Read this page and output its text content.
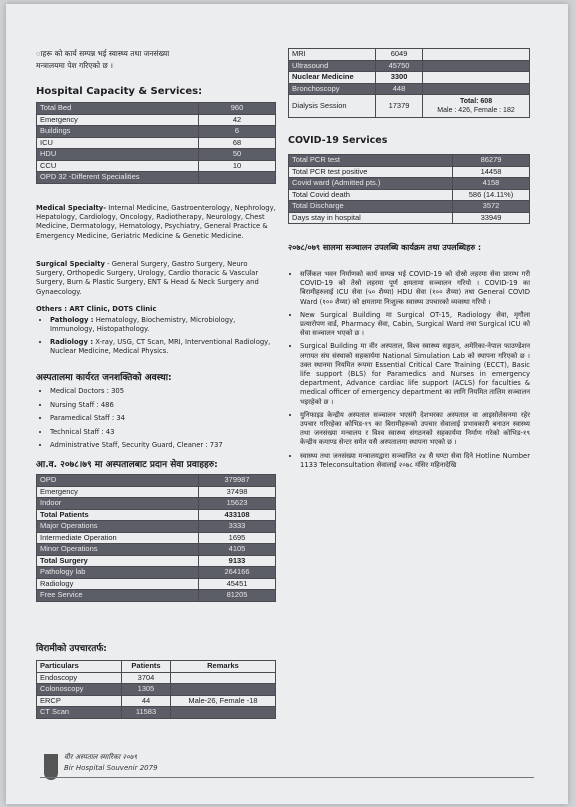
ाहरू को कार्य सम्पन्न भई स्वास्थ्य तथा जनसंख्या
मन्त्रालयमा पेश गरिएको छ ।
Hospital Capacity & Services:
Total Bed	960
Emergency	42
Buildings	6
ICU	68
HDU	50
CCU	10
OPD 32 -Different Specialities	
Medical Specialty- Internal Medicine, Gastroenterology, Nephrology, Hepatology, Cardiology, Oncology, Radiotherapy, Neurology, Chest Medicine, Dermatology, Hematology, Psychiatry, General Practice & Emergency Medicine, Geriatric Medicine & Genetic Medicine.
Surgical Specialty - General Surgery, Gastro Surgery, Neuro Surgery, Orthopedic Surgery, Urology, Cardio thoracic & Vascular Surgery, Burn & Plastic Surgery, ENT & Head & Neck Surgery and Gynaecology.
Others : ART Clinic, DOTS Clinic
• Pathology : Hematology, Biochemistry, Microbiology, Immunology, Histopathology.
• Radiology : X-ray, USG, CT Scan, MRI, Interventional Radiology, Nuclear Medicine, Medical Physics.
अस्पतालमा कार्यरत जनशक्तिको अवस्था:
• Medical Doctors : 305
• Nursing Staff : 486
• Paramedical Staff : 34
• Technical Staff : 43
• Administrative Staff, Security Guard, Cleaner : 737
आ.व. २०७८।७९ मा अस्पतालबाट प्रदान सेवा प्रवाहहरु:
OPD	379987
Emergency	37498
Indoor	15623
Total Patients	433108
Major Operations	3333
Intermediate Operation	1695
Minor Operations	4105
Total Surgery	9133
Pathology lab	264166
Radiology	45451
Free Service	81205
विरामीको उपचारतर्फ:
Particulars	Patients	Remarks
Endoscopy	3704	
Colonoscopy	1305	
ERCP	44	Male-26, Female -18
CT Scan	11583	
MRI	6049	
Ultrasound	45750	
Nuclear Medicine	3300	
Bronchoscopy	448	
Dialysis Session	17379	Total: 608
Male : 426, Female : 182
COVID-19 Services
Total PCR test	86279
Total PCR test positive	14458
Covid ward (Admitted pts.)	4158
Total Covid death	586 (14.11%)
Total Discharge	3572
Days stay in hospital	33949
२०७८/०७९ सालमा सञ्चालन उपलब्धि कार्यक्रम तथा उपलब्धिहरु :
• सर्जिकल भवन निर्माणको कार्य सम्पन्न भई COVID-19 को दोस्रो लहरमा सेवा प्रारम्भ गरी COVID-19 को तेस्रो लहरमा पूर्ण क्षमतामा सञ्चालन गरियो । COVID-19 का बिरामीहरुलाई ICU सेवा (५० शैय्या) HDU सेवा (१०० शैय्या) तथा General COVID Ward (१०० शैय्या) को क्षमतामा निःशुल्क स्वास्थ्य उपचारको व्यवस्था गरियो ।
• New Surgical Building मा Surgical OT-15, Radiology सेवा, मृगौला प्रत्यारोपण वार्ड, Pharmacy सेवा, Cabin, Surgical Ward तथा Surgical ICU को सेवा सञ्चालन भएको छ ।
• Surgical Building मा वीर अस्पताल, विश्व स्वास्थ्य सङ्गठन, अमेरिका-नेपाल फाउण्डेशन लगायत संघ संस्थाको सहकार्यमा National Simulation Lab को स्थापना गरिएको छ । उक्त स्थानमा नियमित रूपमा Essential Critical Care Training (ECCT), Basic life support (BLS) for Paramedics and Nurses in emergency department, Advance cardiac life support (ACLS) for faculties & medical officer of emergency department का लागि नियमित तालिम सञ्चालन भइरहेको छ ।
• युनिफाइड केन्द्रीय अस्पताल सञ्चालन भएसंगै देशभरका अस्पताल वा आइसोलेसनमा रहेर उपचार गरिरहेका कोभिड-१९ का बिरामीहरूको उपचार सेवालाई प्रभावकारी बनाउन स्वास्थ्य तथा जनसंख्या मन्त्रालय र विश्व स्वास्थ्य संगठनको सहकार्यमा निर्माण गरेको कोभिड-१९ केन्द्रीय कमाण्ड सेन्टर समेत यसै अस्पतालमा स्थापना भएको छ ।
• स्वास्थ्य तथा जनसंख्या मन्त्रालयद्वारा सञ्चालित २४ सै घण्टा सेवा दिने Hotline Number 1133 Teleconsultation सेवालाई २०७८ मंसिर महिनादेखि
वीर अस्पताल स्मारिका २०७९
Bir Hospital Souvenir 2079
